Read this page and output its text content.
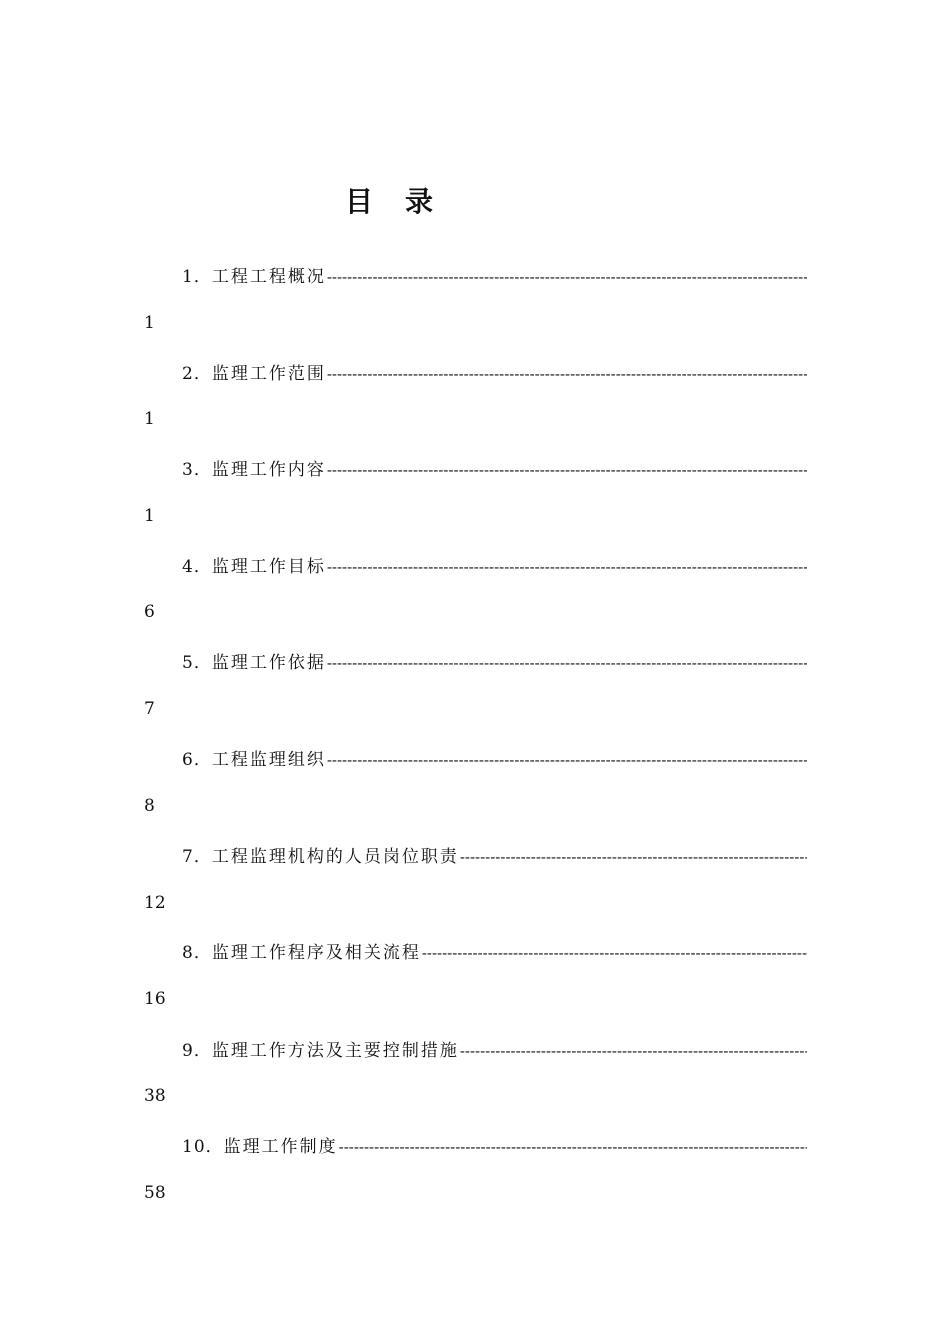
目　录
1． 工程工程概况
-----
1
2． 监理工作范围
-----
1
3． 监理工作内容
-----
1
4． 监理工作目标
-----
6
5． 监理工作依据
-----
7
6． 工程监理组织
-----
8
7． 工程监理机构的人员岗位职责
-----
12
8． 监理工作程序及相关流程
-----
16
9． 监理工作方法及主要控制措施
-----
38
10． 监理工作制度
-----
58
